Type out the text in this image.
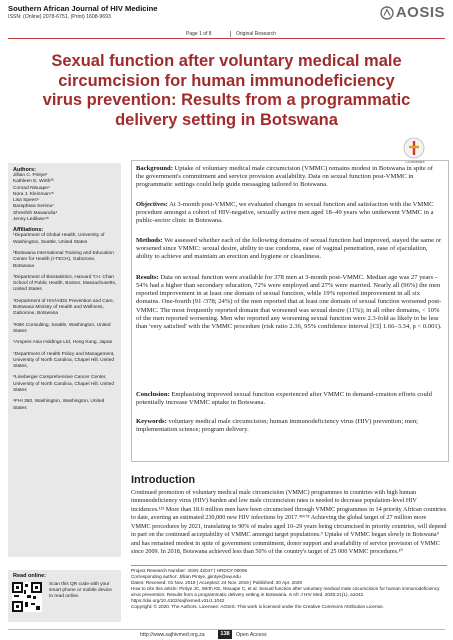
Southern African Journal of HIV Medicine
ISSN: (Online) 2078-6751, (Print) 1608-9693	AOSIS
Page 1 of 8	Original Research
Sexual function after voluntary medical male circumcision for human immunodeficiency virus prevention: Results from a programmatic delivery setting in Botswana
CrossMark
Authors:
Jillian C. Pintye¹
Kathleen E. Wirth²³
Conrad Ntsuape⁴
Nora J. Kleinman⁴⁵
Lisa Spees⁶
Baraphiwa Serima⁷
Shreshth Mawandia⁴
Jenny Ledikwe⁴⁸
Affiliations:
¹Department of Global Health, University of Washington, Seattle, United States
²Botswana International Training and Education Center for Health (I-TECH), Gaborone, Botswana
³Department of Biostatistics, Harvard T.H. Chan School of Public Health, Boston, Massachusetts, United States
⁴Department of HIV/AIDS Prevention and Care, Botswana Ministry of Health and Wellness, Gaborone, Botswana
⁵KBK Consulting, Seattle, Washington, United States
⁶Ampers Asia Holdings Ltd, Hong Kong, Japan
⁷Department of Health Policy and Management, University of North Carolina, Chapel Hill, United States,
⁸Lineberger Comprehensive Cancer Center, University of North Carolina, Chapel Hill, United States
⁹FHI 360, Washington, Washington, United States
Background: Uptake of voluntary medical male circumcision (VMMC) remains modest in Botswana in spite of the government's commitment and service provision availability. Data on sexual function post-VMMC in programmatic settings could help guide messaging tailored to Botswana.
Objectives: At 3-month post-VMMC, we evaluated changes in sexual function and satisfaction with the VMMC procedure amongst a cohort of HIV-negative, sexually active men aged 18–49 years who underwent VMMC in a public-sector clinic in Botswana.
Methods: We assessed whether each of the following domains of sexual function had improved, stayed the same or worsened since VMMC: sexual desire, ability to use condoms, ease of vaginal penetration, ease of ejaculation, ability to achieve and maintain an erection and hygiene or cleanliness.
Results: Data on sexual function were available for 378 men at 3-month post-VMMC. Median age was 27 years – 54% had a higher than secondary education, 72% were employed and 27% were married. Nearly all (96%) the men reported improvement in at least one domain of sexual function, while 19% reported improvement in all six domains. One-fourth (91 /378; 24%) of the men reported that at least one domain of sexual function worsened post-VMMC. The most frequently reported domain that worsened was sexual desire (11%); in all other domains, < 10% of the men reported worsening. Men who reported any worsening sexual function were 2.3-fold as likely to be less than 'very satisfied' with the VMMC procedure (risk ratio 2.36, 95% confidence interval [CI] 1.66–3.34, p < 0.001).
Conclusion: Emphasising improved sexual function experienced after VMMC in demand-creation efforts could potentially increase VMMC uptake in Botswana.
Keywords: voluntary medical male circumcision; human immunodeficiency virus (HIV) prevention; men; implementation science; program delivery.
Introduction
Continued promotion of voluntary medical male circumcision (VMMC) programmes in countries with high human immunodeficiency virus (HIV) burden and low male circumcision rates is needed to decrease population-level HIV incidences.¹²³ More than 18.6 million men have been circumcised through VMMC programmes in 14 priority African countries to date, averting an estimated 230,000 new HIV infections by 2017.⁴⁵⁶⁷⁸ Achieving the global target of 27 million more VMMC procedures by 2021, translating to 90% of males aged 10–29 years being circumcised in priority countries, will depend in part on the continued acceptability of VMMC amongst target populations.⁹ Uptake of VMMC began slowly in Botswana⁹ and has remained modest in spite of government commitment, donor support and availability of service provision of VMMC since 2009. In 2018, Botswana achieved less than 50% of the country's target of 25 000 VMMC procedures.¹⁰
Project Research Number: ISSN 42047 | HRDC# 00006
Corresponding author: Jillian Pintye, jpintye@uw.edu
Dates: Received: 01 Nov. 2019 | Accepted: 24 Nov. 2019 | Published: 20 Apr. 2020
How to cite this article: Pintye JC, Wirth KE, Ntsuape C, et al. Sexual function after voluntary medical male circumcision for human immunodeficiency virus prevention: Results from a programmatic delivery setting in Botswana. S Afr J HIV Med. 2020;21(1), a1042. https://doi.org/10.4102/sajhivmed.v21i1.1042
Copyright: © 2020. The Authors. Licensee: AOSIS. This work is licensed under the Creative Commons Attribution License.
Read online:
Scan this QR code with your smart phone or mobile device to read online.
http://www.sajhivmed.org.za	138	Open Access
